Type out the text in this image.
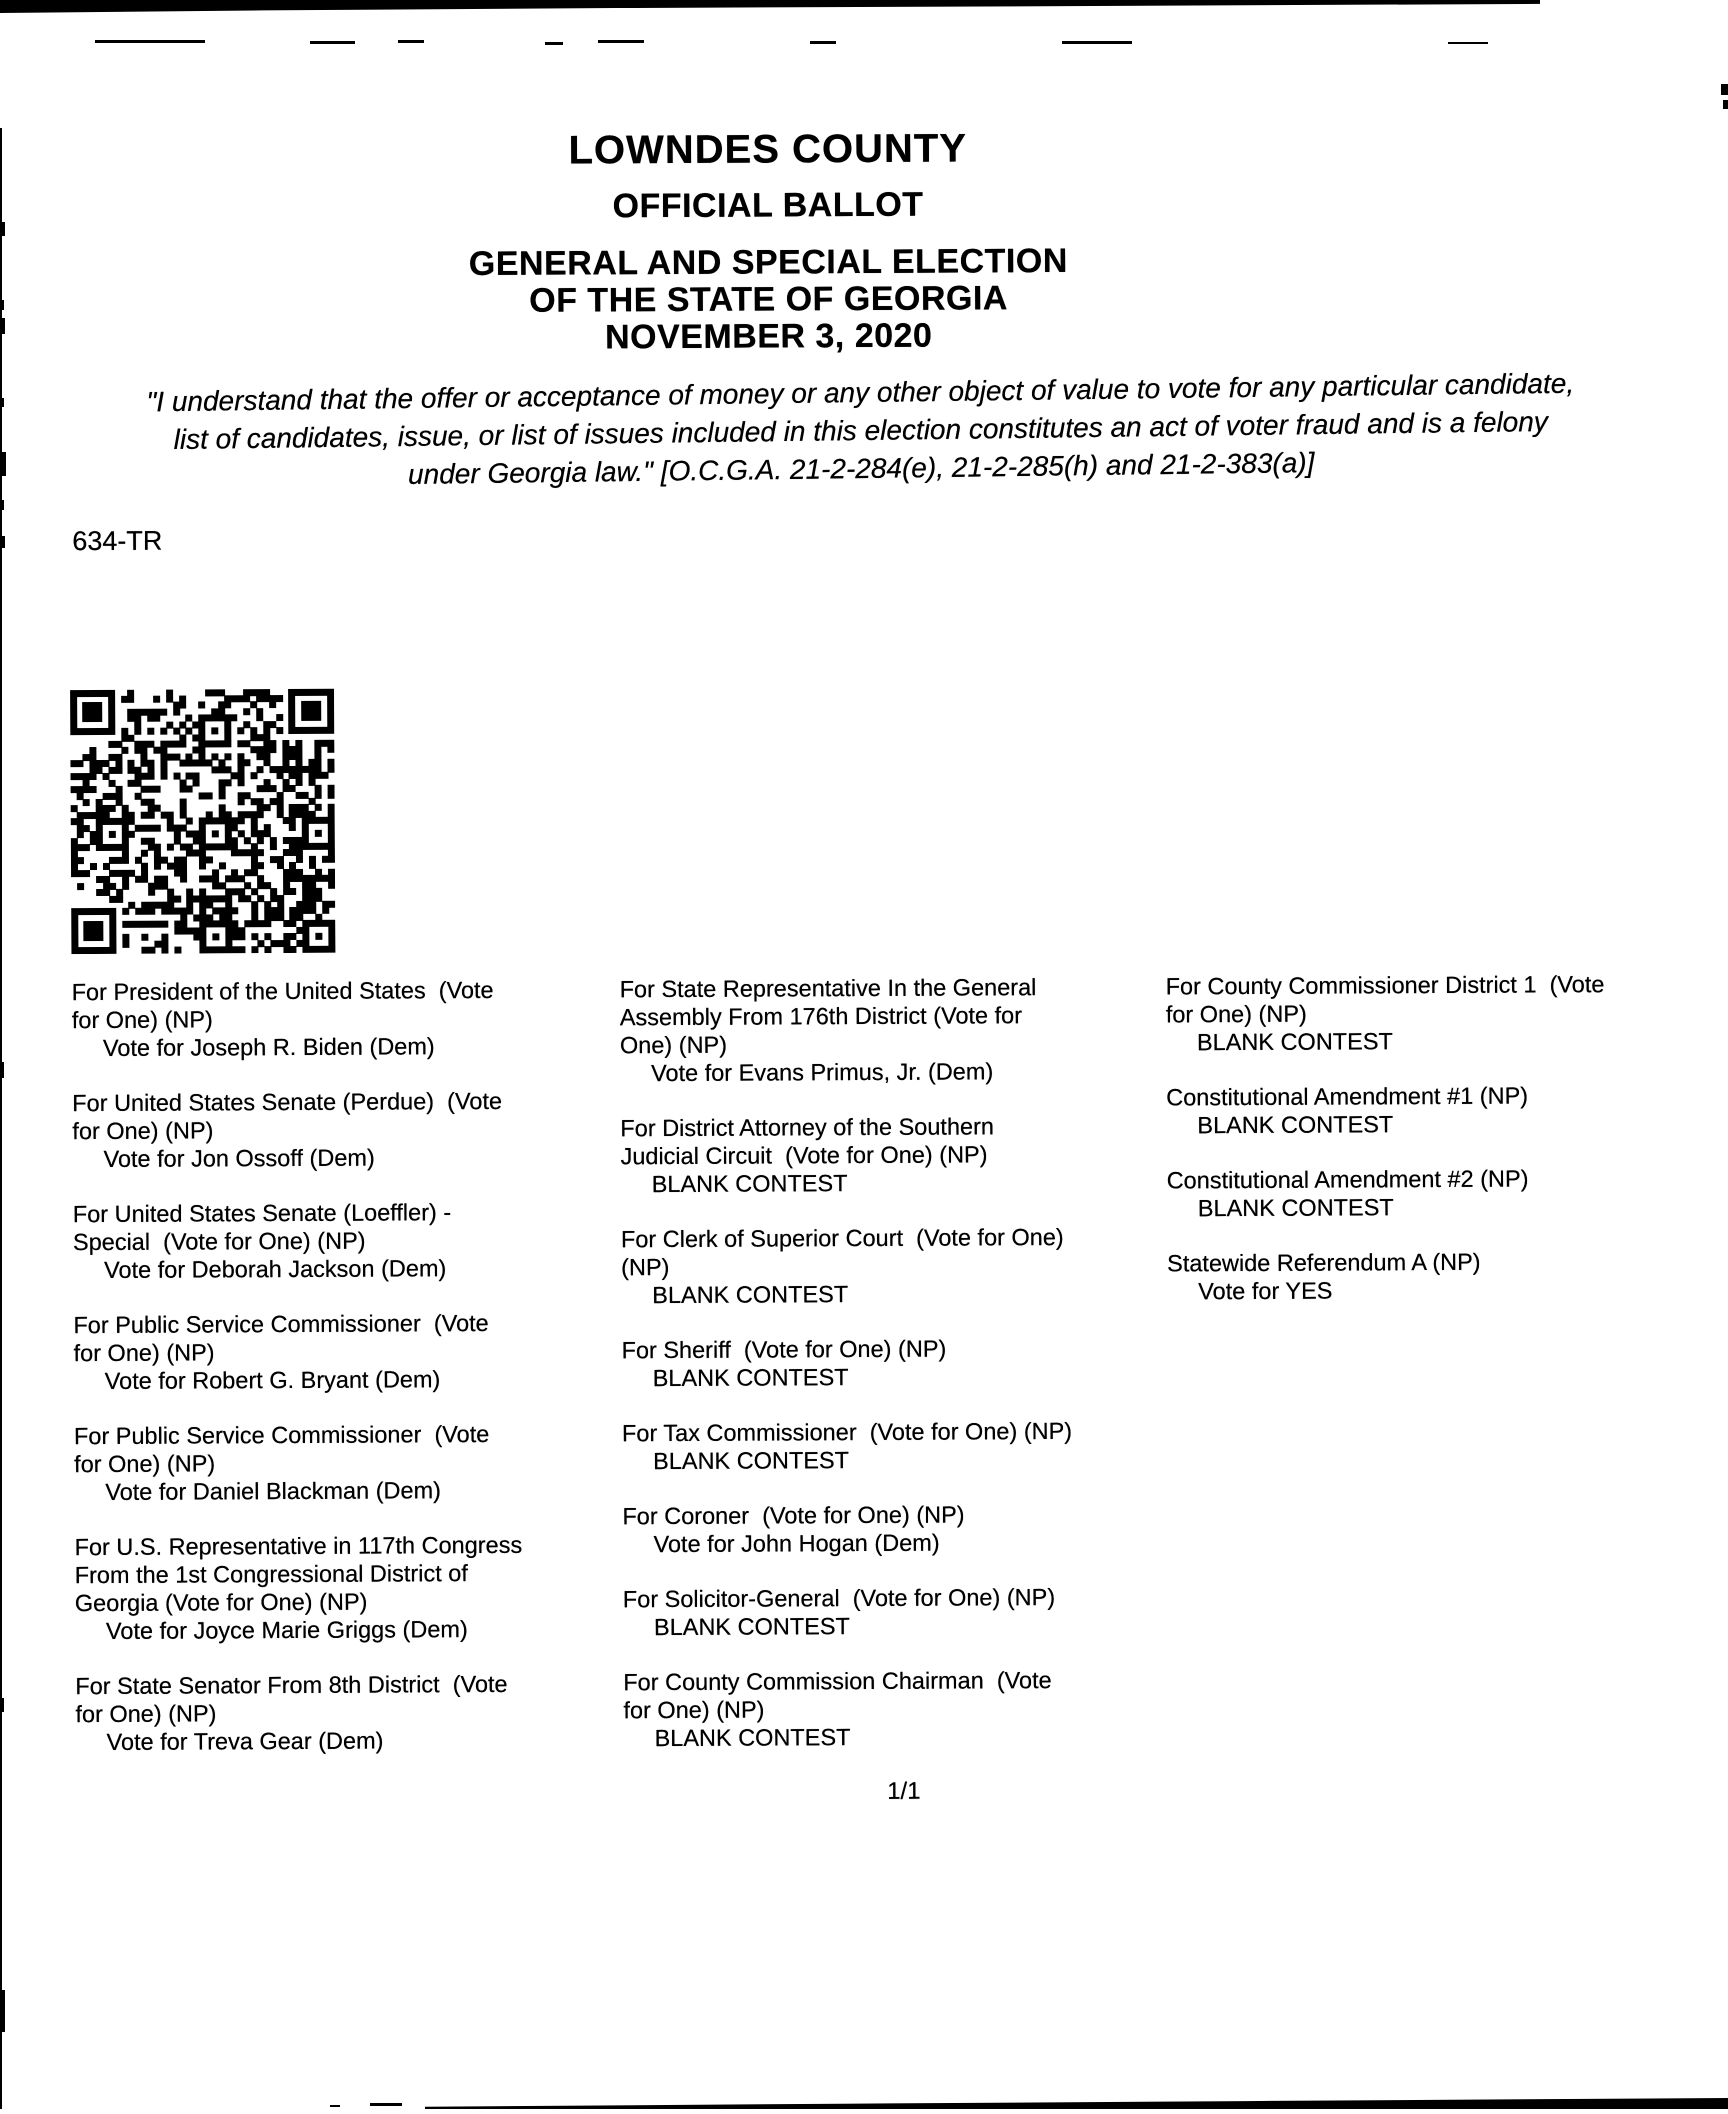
LOWNDES COUNTY
OFFICIAL BALLOT
GENERAL AND SPECIAL ELECTION
OF THE STATE OF GEORGIA
NOVEMBER 3, 2020
"I understand that the offer or acceptance of money or any other object of value to vote for any particular candidate,
list of candidates, issue, or list of issues included in this election constitutes an act of voter fraud and is a felony
under Georgia law." [O.C.G.A. 21-2-284(e), 21-2-285(h) and 21-2-383(a)]
634-TR
For President of the United States  (Vote
for One) (NP)
Vote for Joseph R. Biden (Dem)
For United States Senate (Perdue)  (Vote
for One) (NP)
Vote for Jon Ossoff (Dem)
For United States Senate (Loeffler) -
Special  (Vote for One) (NP)
Vote for Deborah Jackson (Dem)
For Public Service Commissioner  (Vote
for One) (NP)
Vote for Robert G. Bryant (Dem)
For Public Service Commissioner  (Vote
for One) (NP)
Vote for Daniel Blackman (Dem)
For U.S. Representative in 117th Congress
From the 1st Congressional District of
Georgia (Vote for One) (NP)
Vote for Joyce Marie Griggs (Dem)
For State Senator From 8th District  (Vote
for One) (NP)
Vote for Treva Gear (Dem)
For State Representative In the General
Assembly From 176th District (Vote for
One) (NP)
Vote for Evans Primus, Jr. (Dem)
For District Attorney of the Southern
Judicial Circuit  (Vote for One) (NP)
BLANK CONTEST
For Clerk of Superior Court  (Vote for One)
(NP)
BLANK CONTEST
For Sheriff  (Vote for One) (NP)
BLANK CONTEST
For Tax Commissioner  (Vote for One) (NP)
BLANK CONTEST
For Coroner  (Vote for One) (NP)
Vote for John Hogan (Dem)
For Solicitor-General  (Vote for One) (NP)
BLANK CONTEST
For County Commission Chairman  (Vote
for One) (NP)
BLANK CONTEST
For County Commissioner District 1  (Vote
for One) (NP)
BLANK CONTEST
Constitutional Amendment #1 (NP)
BLANK CONTEST
Constitutional Amendment #2 (NP)
BLANK CONTEST
Statewide Referendum A (NP)
Vote for YES
1/1
